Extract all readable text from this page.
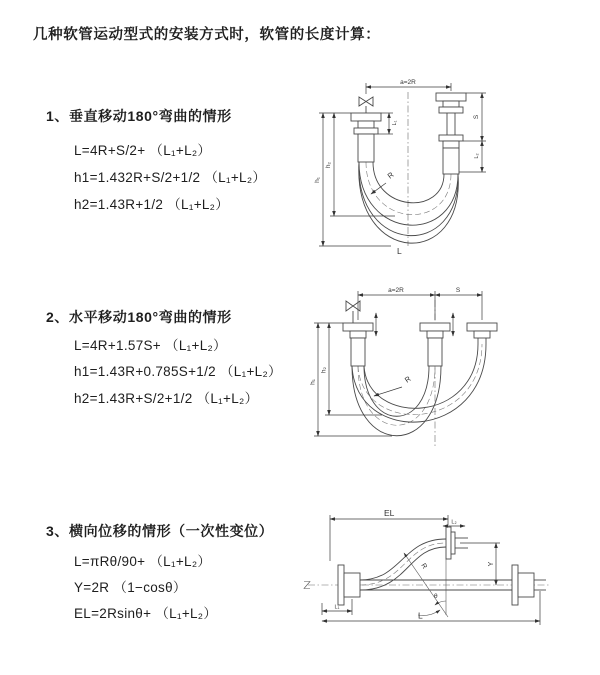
几种软管运动型式的安装方式时，软管的长度计算：
1、垂直移动180°弯曲的情形
L=4R+S/2+ （L₁+L₂）
h1=1.432R+S/2+1/2 （L₁+L₂）
h2=1.43R+1/2 （L₁+L₂）
2、水平移动180°弯曲的情形
L=4R+1.57S+ （L₁+L₂）
h1=1.43R+0.785S+1/2 （L₁+L₂）
h2=1.43R+S/2+1/2 （L₁+L₂）
3、横向位移的情形（一次性变位）
L=πRθ/90+ （L₁+L₂）
Y=2R （1−cosθ）
EL=2Rsinθ+ （L₁+L₂）
a=2R
h₁
h₂
L₁
S
L₂
R
L
a=2R	S
h₁
h₂
R
R
θ
EL
L₂
Y
L₁
L
